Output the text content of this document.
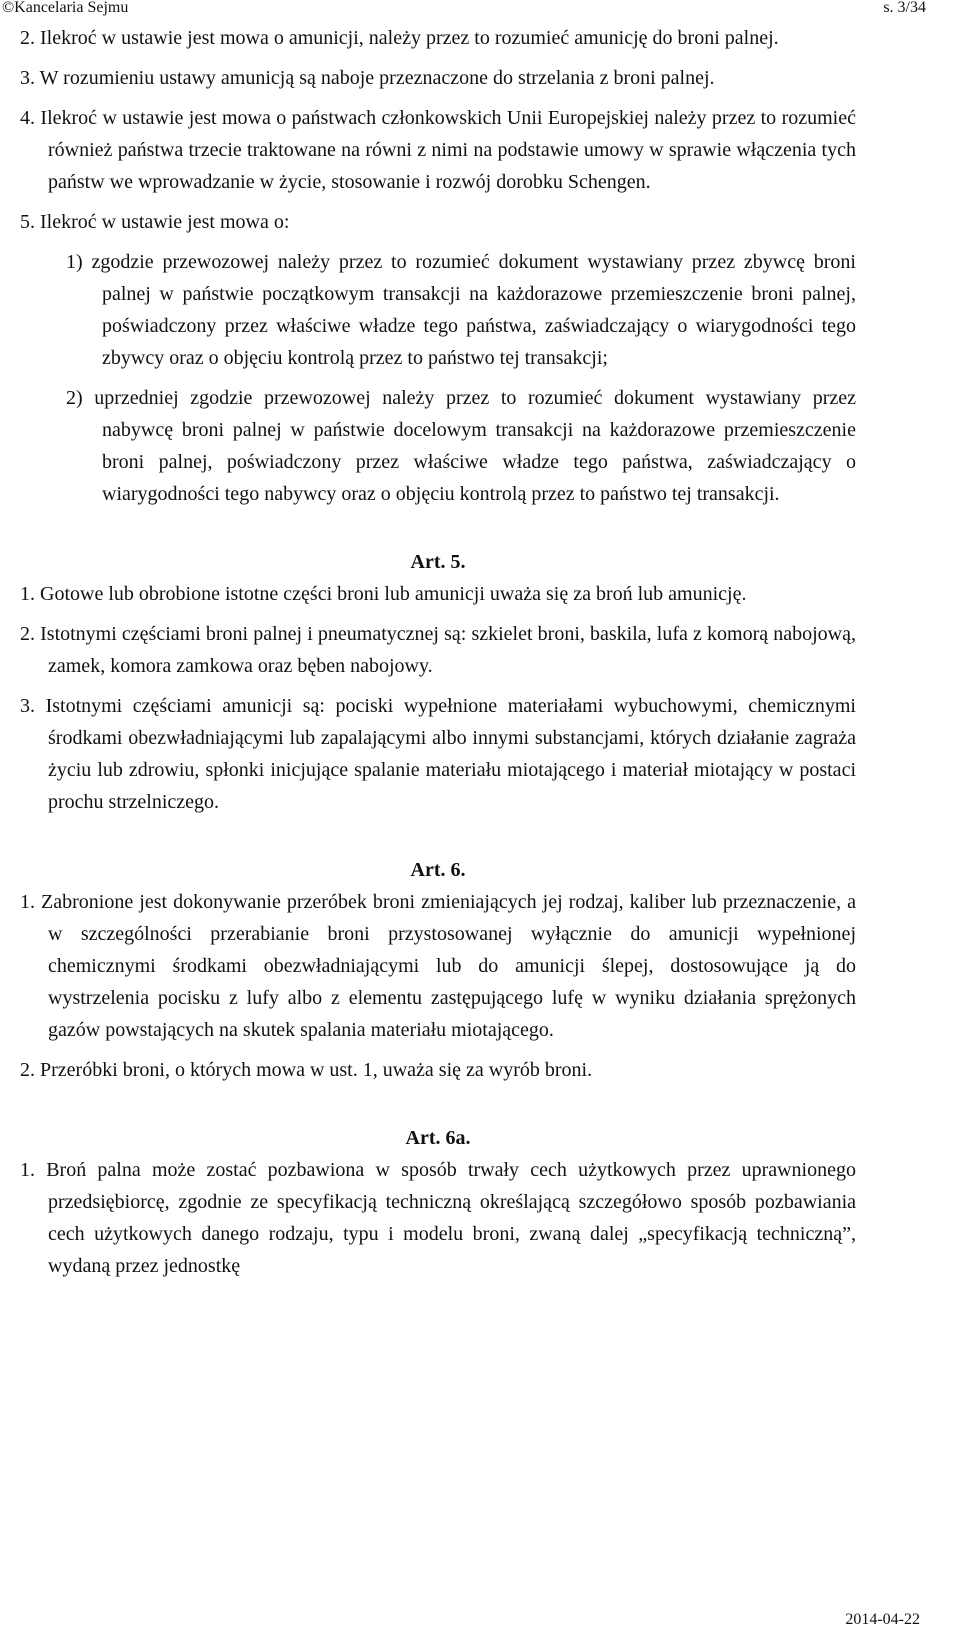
©Kancelaria Sejmu	s. 3/34

2. Ilekroć w ustawie jest mowa o amunicji, należy przez to rozumieć amunicję do broni palnej.

3. W rozumieniu ustawy amunicją są naboje przeznaczone do strzelania z broni palnej.

4. Ilekroć w ustawie jest mowa o państwach członkowskich Unii Europejskiej należy przez to rozumieć również państwa trzecie traktowane na równi z nimi na podstawie umowy w sprawie włączenia tych państw we wprowadzanie w życie, stosowanie i rozwój dorobku Schengen.

5. Ilekroć w ustawie jest mowa o:

1) zgodzie przewozowej należy przez to rozumieć dokument wystawiany przez zbywcę broni palnej w państwie początkowym transakcji na każdorazowe przemieszczenie broni palnej, poświadczony przez właściwe władze tego państwa, zaświadczający o wiarygodności tego zbywcy oraz o objęciu kontrolą przez to państwo tej transakcji;

2) uprzedniej zgodzie przewozowej należy przez to rozumieć dokument wystawiany przez nabywcę broni palnej w państwie docelowym transakcji na każdorazowe przemieszczenie broni palnej, poświadczony przez właściwe władze tego państwa, zaświadczający o wiarygodności tego nabywcy oraz o objęciu kontrolą przez to państwo tej transakcji.

Art. 5.

1. Gotowe lub obrobione istotne części broni lub amunicji uważa się za broń lub amunicję.

2. Istotnymi częściami broni palnej i pneumatycznej są: szkielet broni, baskila, lufa z komorą nabojową, zamek, komora zamkowa oraz bęben nabojowy.

3. Istotnymi częściami amunicji są: pociski wypełnione materiałami wybuchowymi, chemicznymi środkami obezwładniającymi lub zapalającymi albo innymi substancjami, których działanie zagraża życiu lub zdrowiu, spłonki inicjujące spalanie materiału miotającego i materiał miotający w postaci prochu strzelniczego.

Art. 6.

1. Zabronione jest dokonywanie przeróbek broni zmieniających jej rodzaj, kaliber lub przeznaczenie, a w szczególności przerabianie broni przystosowanej wyłącznie do amunicji wypełnionej chemicznymi środkami obezwładniającymi lub do amunicji ślepej, dostosowujące ją do wystrzelenia pocisku z lufy albo z elementu zastępującego lufę w wyniku działania sprężonych gazów powstających na skutek spalania materiału miotającego.

2. Przeróbki broni, o których mowa w ust. 1, uważa się za wyrób broni.

Art. 6a.

1. Broń palna może zostać pozbawiona w sposób trwały cech użytkowych przez uprawnionego przedsiębiorcę, zgodnie ze specyfikacją techniczną określającą szczegółowo sposób pozbawiania cech użytkowych danego rodzaju, typu i modelu broni, zwaną dalej „specyfikacją techniczną”, wydaną przez jednostkę

2014-04-22
